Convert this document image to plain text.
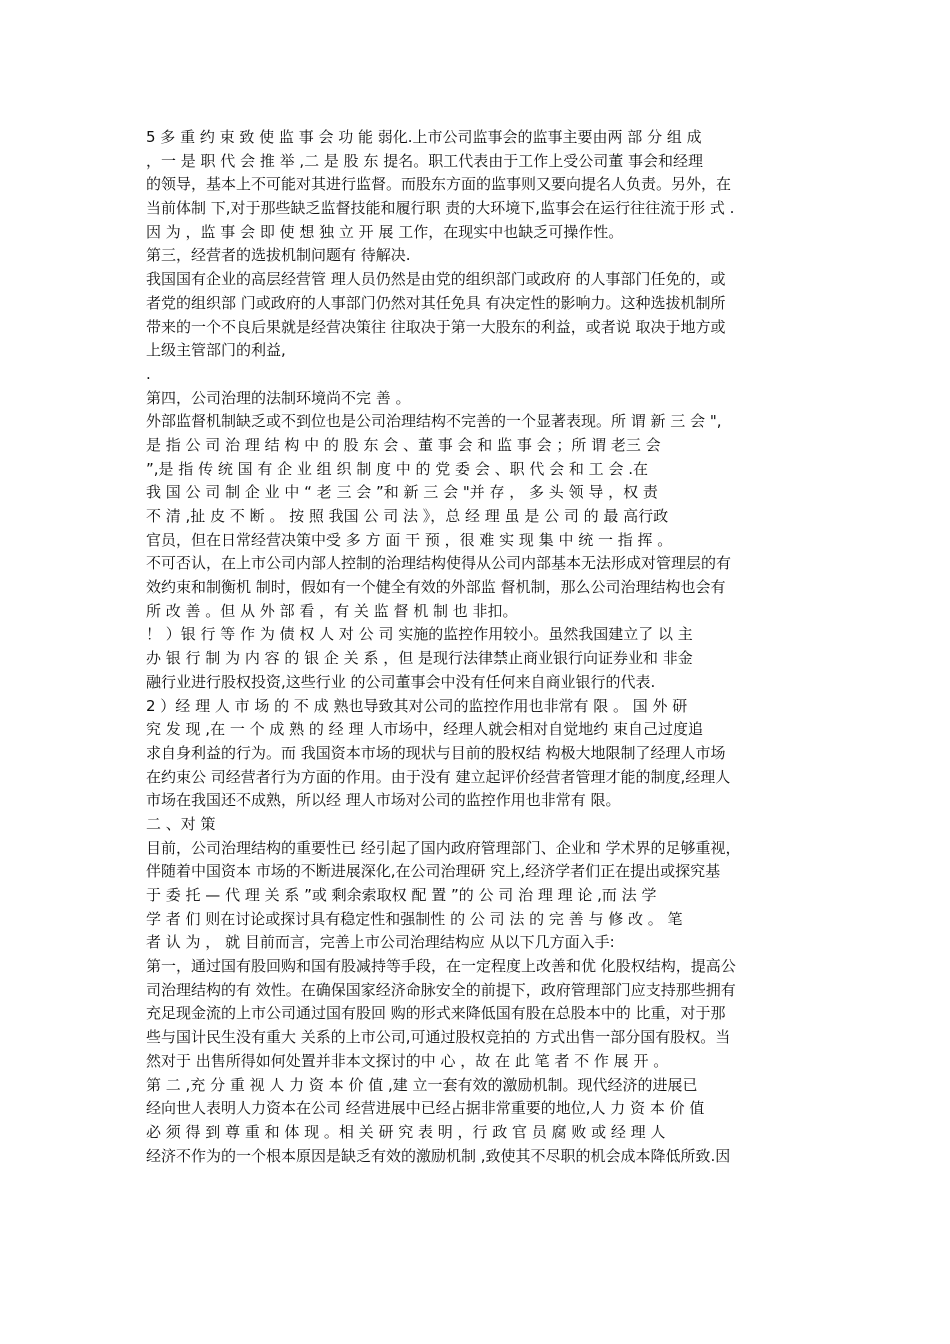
5 多 重 约 束 致 使 监 事 会 功 能 弱化.上市公司监事会的监事主要由两 部 分 组 成
，一 是 职 代 会 推 举 ,二 是 股 东 提名。职工代表由于工作上受公司董 事会和经理
的领导，基本上不可能对其进行监督。而股东方面的监事则又要向提名人负责。另外，在
当前体制 下,对于那些缺乏监督技能和履行职 责的大环境下,监事会在运行往往流于形 式 .
因 为 ，监 事 会 即 使 想 独 立 开 展 工作，在现实中也缺乏可操作性。
第三，经营者的选拔机制问题有 待解决.
我国国有企业的高层经营管 理人员仍然是由党的组织部门或政府 的人事部门任免的，或
者党的组织部 门或政府的人事部门仍然对其任免具 有决定性的影响力。这种选拔机制所
带来的一个不良后果就是经营决策往 往取决于第一大股东的利益，或者说 取决于地方或
上级主管部门的利益,
.
第四，公司治理的法制环境尚不完 善 。
外部监督机制缺乏或不到位也是公司治理结构不完善的一个显著表现。所 谓 新 三 会 ",
是 指 公 司 治 理 结 构 中 的 股 东 会 、董 事 会 和 监 事 会 ；所 谓 老三 会
”,是 指 传 统 国 有 企 业 组 织 制 度 中 的 党 委 会 、职 代 会 和 工 会 .在
我 国 公 司 制 企 业 中 “ 老 三 会 ”和 新 三 会 "并 存 ， 多 头 领 导 ，权 责
不 清 ,扯 皮 不 断 。 按 照 我国 公 司 法 》，总 经 理 虽 是 公 司 的 最 高行政
官员，但在日常经营决策中受 多 方 面 干 预 ，很 难 实 现 集 中 统 一 指 挥 。
不可否认，在上市公司内部人控制的治理结构使得从公司内部基本无法形成对管理层的有
效约束和制衡机 制时，假如有一个健全有效的外部监 督机制，那么公司治理结构也会有
所 改 善 。但 从 外 部 看 ，有 关 监 督 机 制 也 非扣。
！ ）银 行 等 作 为 债 权 人 对 公 司 实施的监控作用较小。虽然我国建立了 以 主
办 银 行 制 为 内 容 的 银 企 关 系 ，但 是现行法律禁止商业银行向证券业和 非金
融行业进行股权投资,这些行业 的公司董事会中没有任何来自商业银行的代表.
2 ）经 理 人 市 场 的 不 成 熟也导致其对公司的监控作用也非常有 限 。 国 外 研
究 发 现 ,在 一 个 成 熟 的 经 理 人市场中，经理人就会相对自觉地约 束自己过度追
求自身利益的行为。而 我国资本市场的现状与目前的股权结 构极大地限制了经理人市场
在约束公 司经营者行为方面的作用。由于没有 建立起评价经营者管理才能的制度,经理人
市场在我国还不成熟，所以经 理人市场对公司的监控作用也非常有 限。
二 、对 策
目前，公司治理结构的重要性已 经引起了国内政府管理部门、企业和 学术界的足够重视，
伴随着中国资本 市场的不断进展深化,在公司治理研 究上,经济学者们正在提出或探究基
于 委 托 — 代 理 关 系 ”或 剩余索取权 配 置 ”的 公 司 治 理 理 论 ,而 法 学
学 者 们 则在讨论或探讨具有稳定性和强制性 的 公 司 法 的 完 善 与 修 改 。 笔
者 认 为 ， 就 目前而言，完善上市公司治理结构应 从以下几方面入手:
第一，通过国有股回购和国有股减持等手段，在一定程度上改善和优 化股权结构，提高公
司治理结构的有 效性。在确保国家经济命脉安全的前提下，政府管理部门应支持那些拥有
充足现金流的上市公司通过国有股回 购的形式来降低国有股在总股本中的 比重，对于那
些与国计民生没有重大 关系的上市公司,可通过股权竞拍的 方式出售一部分国有股权。当
然对于 出售所得如何处置并非本文探讨的中 心 ，故 在 此 笔 者 不 作 展 开 。
第 二 ,充 分 重 视 人 力 资 本 价 值 ,建 立一套有效的激励机制。现代经济的进展已
经向世人表明人力资本在公司 经营进展中已经占据非常重要的地位,人 力 资 本 价 值
必 须 得 到 尊 重 和 体 现 。相 关 研 究 表 明 ，行 政 官 员 腐 败 或 经 理 人
经济不作为的一个根本原因是缺乏有效的激励机制 ,致使其不尽职的机会成本降低所致.因
